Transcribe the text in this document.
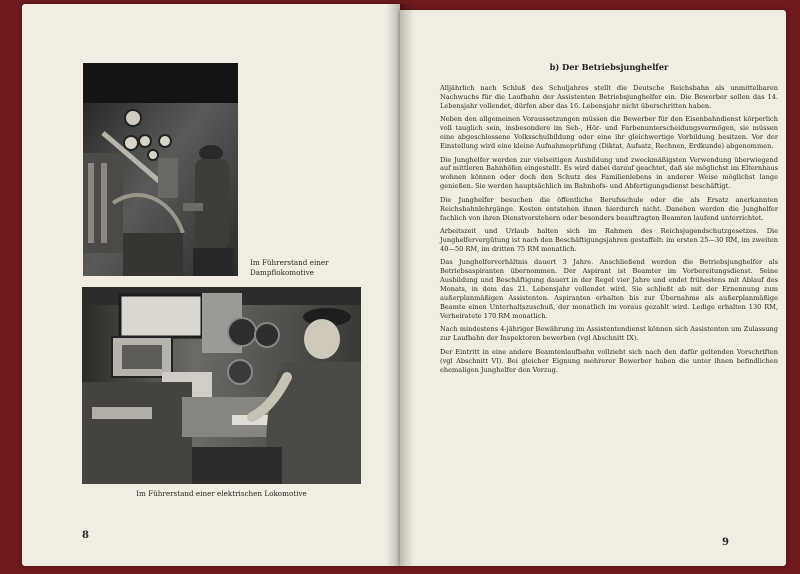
Im Führerstand einer Dampflokomotive
Im Führerstand einer elektrischen Lokomotive
8
b) Der Betriebsjunghelfer

Alljährlich nach Schluß des Schuljahres stellt die Deutsche Reichsbahn als unmittelbaren Nachwuchs für die Laufbahn der Assistenten Betriebsjunghelfer ein. Die Bewerber sollen das 14. Lebensjahr vollendet, dürfen aber das 16. Lebensjahr nicht überschritten haben.

Neben den allgemeinen Voraussetzungen müssen die Bewerber für den Eisenbahndienst körperlich voll tauglich sein, insbesondere im Seh-, Hör- und Farbenunterscheidungsvermögen, sie müssen eine abgeschlossene Volksschulbildung oder eine ihr gleichwertige Vorbildung besitzen. Vor der Einstellung wird eine kleine Aufnahmeprüfung (Diktat, Aufsatz, Rechnen, Erdkunde) abgenommen.

Die Junghelfer werden zur vielseitigen Ausbildung und zweckmäßigsten Verwendung überwiegend auf mittleren Bahnhöfen eingestellt. Es wird dabei darauf geachtet, daß sie möglichst im Elternhaus wohnen können oder doch den Schutz des Familienlebens in anderer Weise möglichst lange genießen. Sie werden hauptsächlich im Bahnhofs- und Abfertigungsdienst beschäftigt.

Die Junghelfer besuchen die öffentliche Berufsschule oder die als Ersatz anerkannten Reichsbahnlehrgänge. Kosten entstehen ihnen hierdurch nicht. Daneben werden die Junghelfer fachlich von ihren Dienstvorstehern oder besonders beauftragten Beamten laufend unterrichtet.

Arbeitszeit und Urlaub halten sich im Rahmen des Reichsjugendschutzgesetzes. Die Junghelfervergütung ist nach den Beschäftigungsjahren gestaffelt: im ersten 25—30 RM, im zweiten 40—50 RM, im dritten 75 RM monatlich.

Das Junghelferverhältnis dauert 3 Jahre. Anschließend werden die Betriebsjunghelfer als Betriebsaspiranten übernommen. Der Aspirant ist Beamter im Vorbereitungsdienst. Seine Ausbildung und Beschäftigung dauert in der Regel vier Jahre und endet frühestens mit Ablauf des Monats, in dem das 21. Lebensjahr vollendet wird. Sie schließt ab mit der Ernennung zum außerplanmäßigen Assistenten. Aspiranten erhalten bis zur Übernahme als außerplanmäßige Beamte einen Unterhaltszuschuß, der monatlich im voraus gezahlt wird. Ledige erhalten 130 RM, Verheiratete 170 RM monatlich.

Nach mindestens 4-jähriger Bewährung im Assistentendienst können sich Assistenten um Zulassung zur Laufbahn der Inspektoren bewerben (vgl Abschnitt IX).

Der Eintritt in eine andere Beamtenlaufbahn vollzieht sich nach den dafür geltenden Vorschriften (vgl Abschnitt VI). Bei gleicher Eignung mehrerer Bewerber haben die unter ihnen befindlichen ehemaligen Junghelfer den Vorzug.

9
